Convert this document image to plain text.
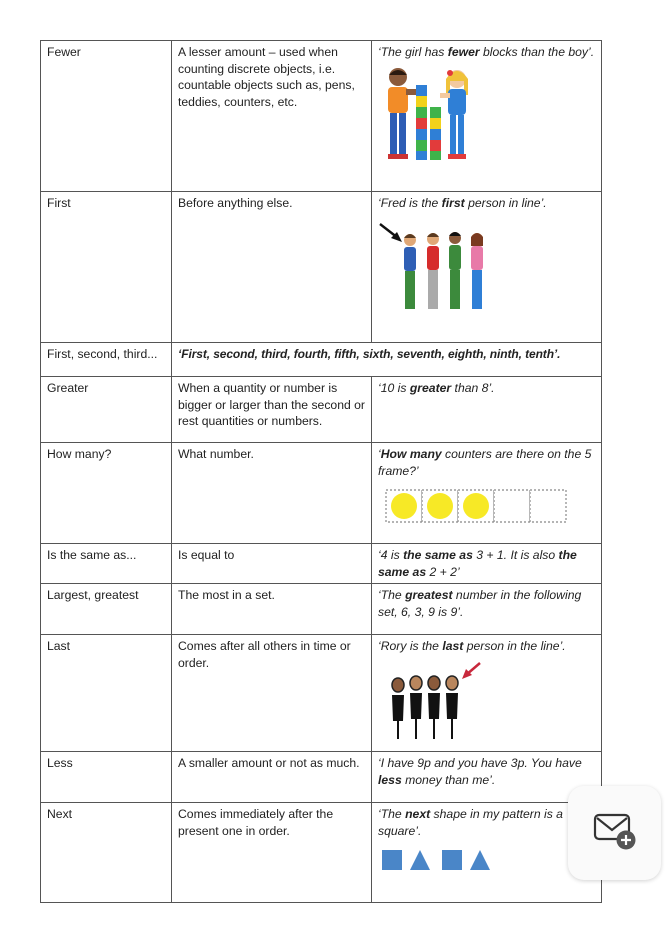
Fewer	A lesser amount – used when counting discrete objects, i.e. countable objects such as, pens, teddies, counters, etc.	‘The girl has fewer blocks than the boy’.

First	Before anything else.	‘Fred is the first person in line’.

First, second, third...	‘First, second, third, fourth, fifth, sixth, seventh, eighth, ninth, tenth’.	
Greater	When a quantity or number is bigger or larger than the second or rest quantities or numbers.	‘10 is greater than 8’.

How many?	What number.	‘How many counters are there on the 5 frame?’

Is the same as...	Is equal to	‘4 is the same as 3 + 1. It is also the same as 2 + 2’

Largest, greatest	The most in a set.	‘The greatest number in the following set, 6, 3, 9 is 9’.

Last	Comes after all others in time or order.	‘Rory is the last person in the line’.

Less	A smaller amount or not as much.	‘I have 9p and you have 3p. You have less money than me’.

Next	Comes immediately after the present one in order.	‘The next shape in my pattern is a square’.
